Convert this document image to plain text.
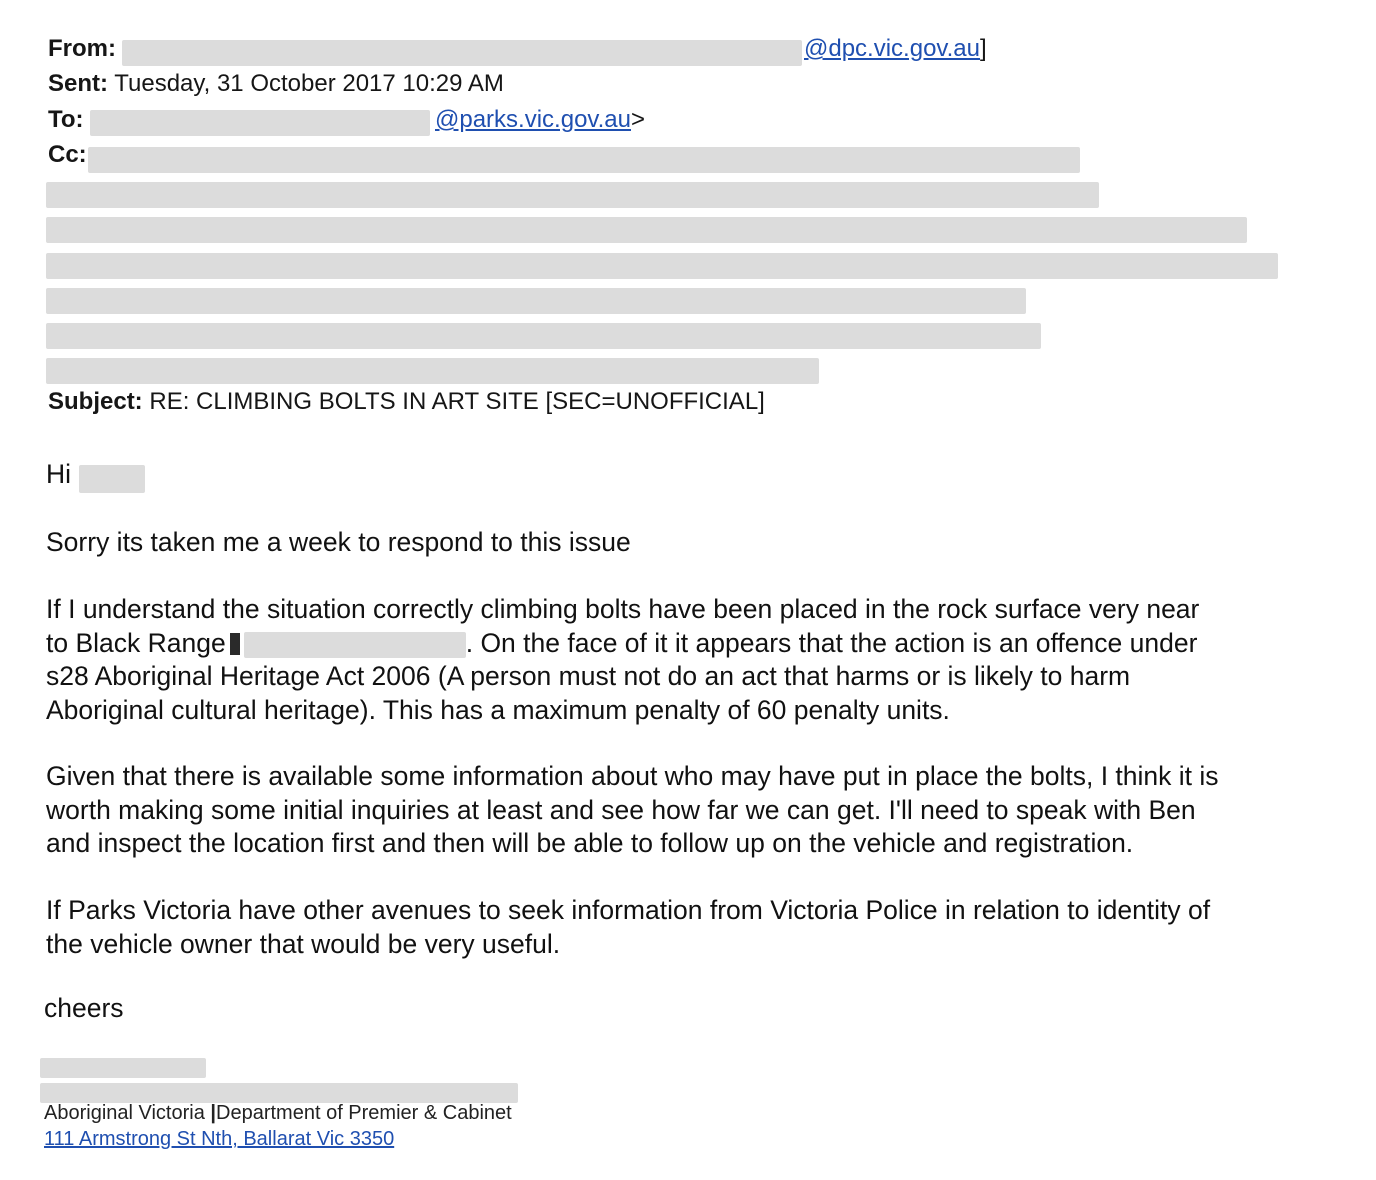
From:	@dpc.vic.gov.au]
Sent: Tuesday, 31 October 2017 10:29 AM
To:	@parks.vic.gov.au>
Cc:
Subject: RE: CLIMBING BOLTS IN ART SITE [SEC=UNOFFICIAL]
Hi

Sorry its taken me a week to respond to this issue

If I understand the situation correctly climbing bolts have been placed in the rock surface very near

to Black Range	. On the face of it it appears that the action is an offence under

s28 Aboriginal Heritage Act 2006 (A person must not do an act that harms or is likely to harm

Aboriginal cultural heritage). This has a maximum penalty of 60 penalty units.

Given that there is available some information about who may have put in place the bolts, I think it is

worth making some initial inquiries at least and see how far we can get. I'll need to speak with Ben

and inspect the location first and then will be able to follow up on the vehicle and registration.

If Parks Victoria have other avenues to seek information from Victoria Police in relation to identity of

the vehicle owner that would be very useful.

cheers
Aboriginal Victoria |Department of Premier & Cabinet
111 Armstrong St Nth, Ballarat Vic 3350
